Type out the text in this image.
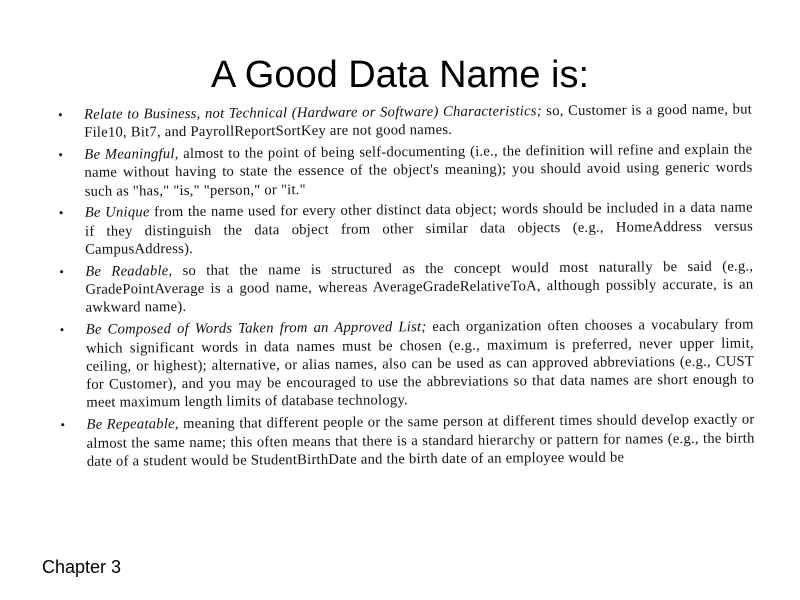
A Good Data Name is:
• Relate to Business, not Technical (Hardware or Software) Characteristics; so, Customer is a good name, but File10, Bit7, and PayrollReportSortKey are not good names.
• Be Meaningful, almost to the point of being self-documenting (i.e., the definition will refine and explain the name without having to state the essence of the object's meaning); you should avoid using generic words such as "has," "is," "person," or "it."
• Be Unique from the name used for every other distinct data object; words should be included in a data name if they distinguish the data object from other similar data objects (e.g., HomeAddress versus CampusAddress).
• Be Readable, so that the name is structured as the concept would most naturally be said (e.g., GradePointAverage is a good name, whereas AverageGradeRelativeToA, although possibly accurate, is an awkward name).
• Be Composed of Words Taken from an Approved List; each organization often chooses a vocabulary from which significant words in data names must be chosen (e.g., maximum is preferred, never upper limit, ceiling, or highest); alternative, or alias names, also can be used as can approved abbreviations (e.g., CUST for Customer), and you may be encouraged to use the abbreviations so that data names are short enough to meet maximum length limits of database technology.
• Be Repeatable, meaning that different people or the same person at different times should develop exactly or almost the same name; this often means that there is a standard hierarchy or pattern for names (e.g., the birth date of a student would be StudentBirthDate and the birth date of an employee would be
Chapter 3
